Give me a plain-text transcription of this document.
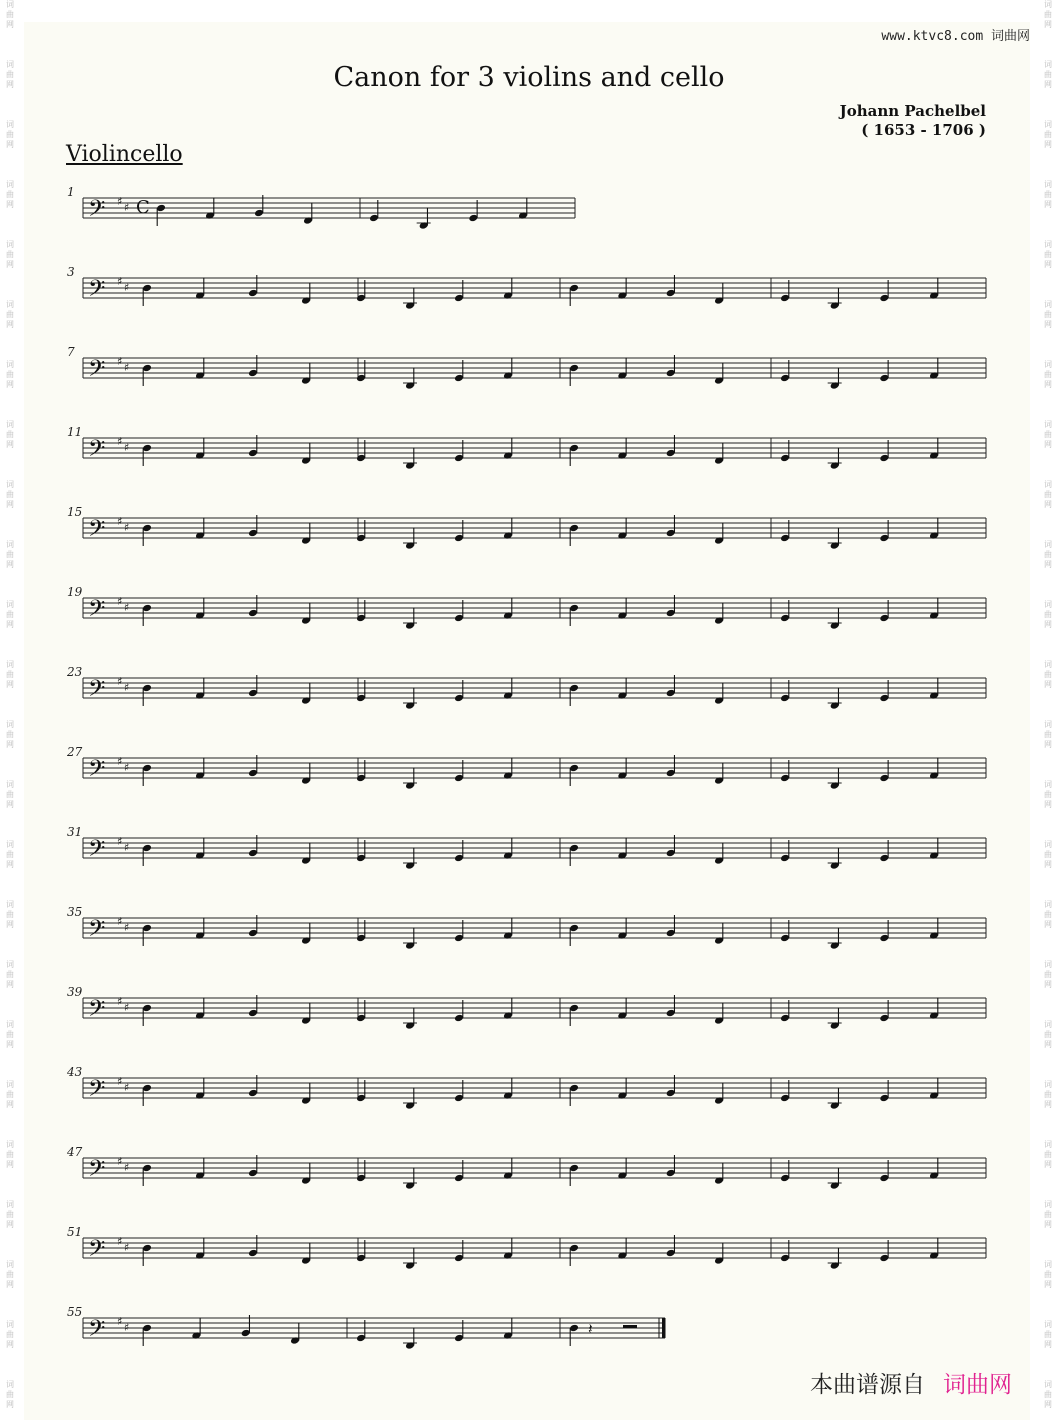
词
曲
网
词
曲
网
词
曲
网
词
曲
网
词
曲
网
词
曲
网
词
曲
网
词
曲
网
词
曲
网
词
曲
网
词
曲
网
词
曲
网
词
曲
网
词
曲
网
词
曲
网
词
曲
网
词
曲
网
词
曲
网
词
曲
网
词
曲
网
词
曲
网
词
曲
网
词
曲
网
词
曲
网
词
曲
网
词
曲
网
词
曲
网
词
曲
网
词
曲
网
词
曲
网
词
曲
网
词
曲
网
词
曲
网
词
曲
网
词
曲
网
词
曲
网
词
曲
网
词
曲
网
词
曲
网
词
曲
网
词
曲
网
词
曲
网
词
曲
网
词
曲
网
词
曲
网
词
曲
网
词
曲
网
词
曲
网
www.ktvc8.com 词曲网
Canon for 3 violins and cello
Johann Pachelbel
( 1653 - 1706 )
Violincello
𝄢 ♯ ♯ C
1
𝄢 ♯ ♯
3
𝄢 ♯ ♯
7
𝄢 ♯ ♯
11
𝄢 ♯ ♯
15
𝄢 ♯ ♯
19
𝄢 ♯ ♯
23
𝄢 ♯ ♯
27
𝄢 ♯ ♯
31
𝄢 ♯ ♯
35
𝄢 ♯ ♯
39
𝄢 ♯ ♯
43
𝄢 ♯ ♯
47
𝄢 ♯ ♯
51
𝄢 ♯ ♯
55
𝄽
本曲谱源自 词曲网
